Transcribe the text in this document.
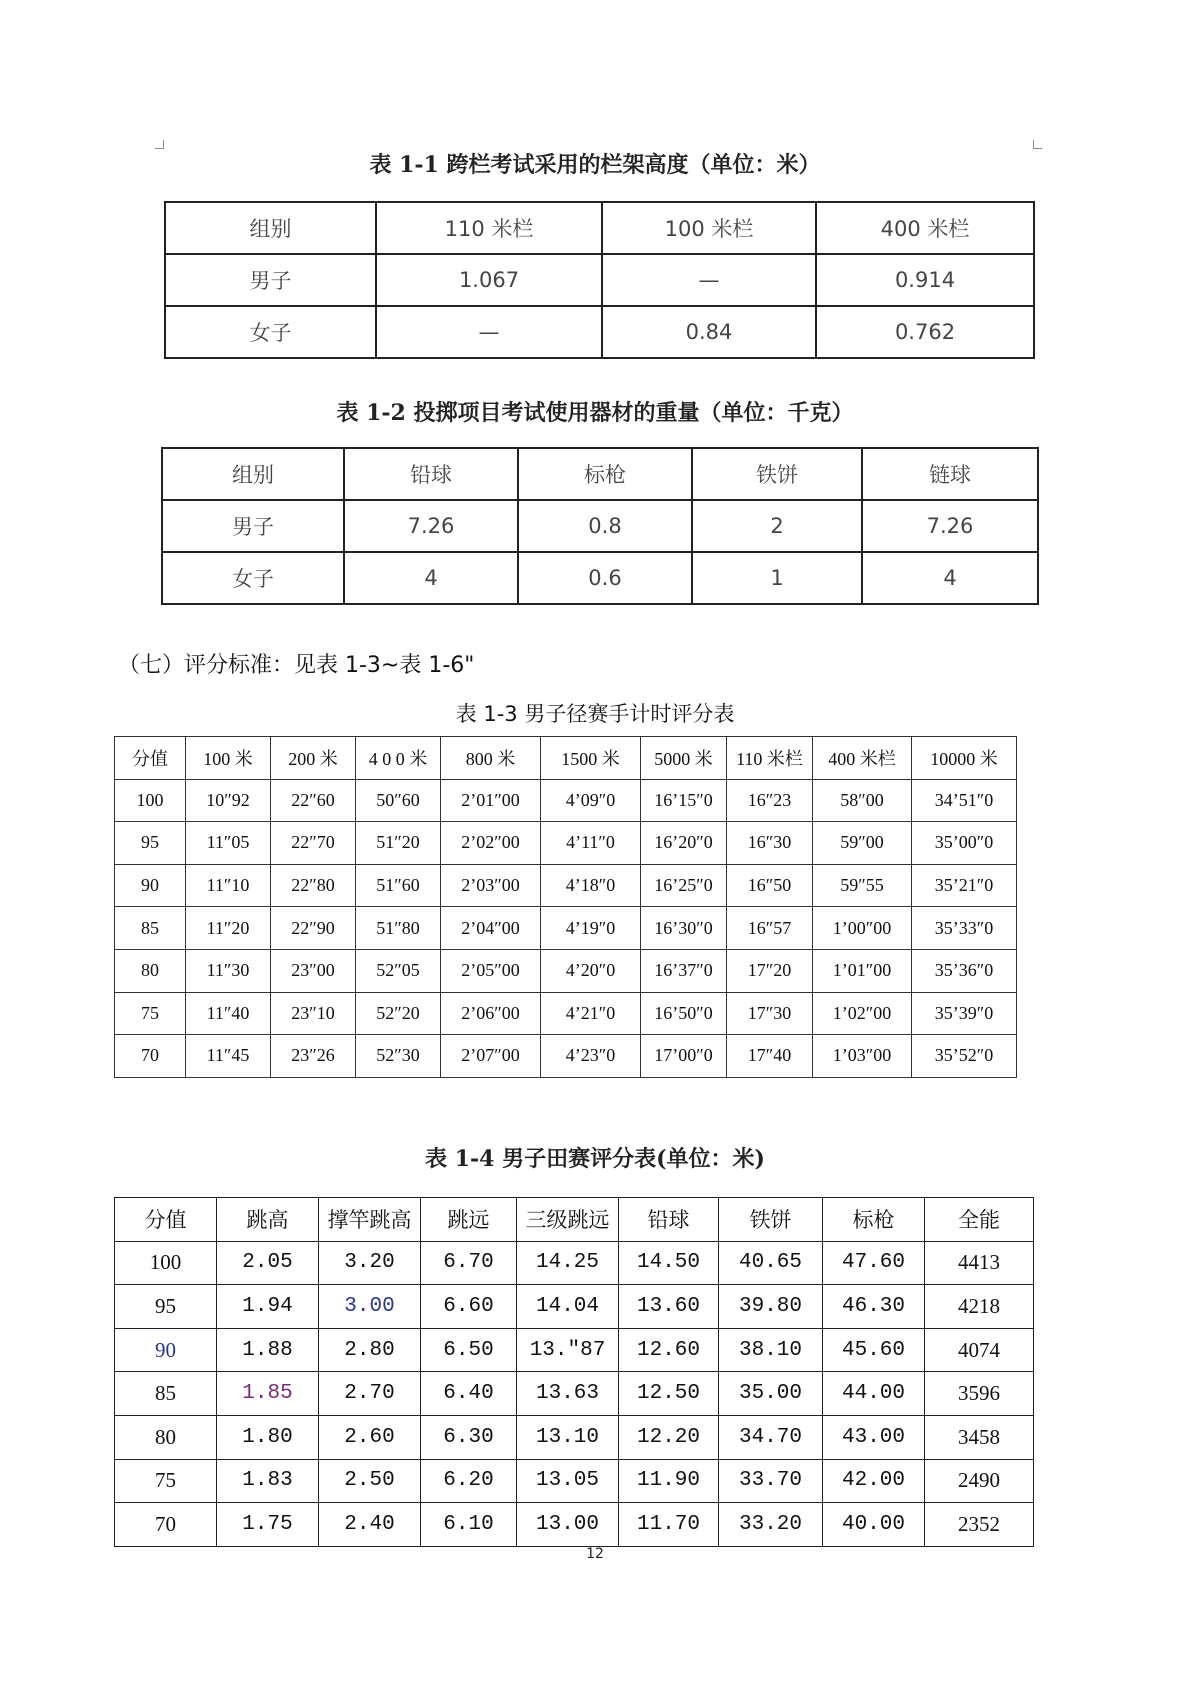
表 1-1 跨栏考试采用的栏架高度（单位：米）
组别	110 米栏	100 米栏	400 米栏
男子	1.067	—	0.914
女子	—	0.84	0.762
表 1-2 投掷项目考试使用器材的重量（单位：千克）
组别	铅球	标枪	铁饼	链球
男子	7.26	0.8	2	7.26
女子	4	0.6	1	4
（七）评分标准：见表 1-3~表 1-6"
表 1-3 男子径赛手计时评分表
分值	100 米	200 米	4 0 0 米	800 米	1500 米	5000 米	110 米栏	400 米栏	10000 米
100	10″92	22″60	50″60	2’01″00	4’09″0	16’15″0	16″23	58″00	34’51″0
95	11″05	22″70	51″20	2’02″00	4’11″0	16’20″0	16″30	59″00	35’00″0
90	11″10	22″80	51″60	2’03″00	4’18″0	16’25″0	16″50	59″55	35’21″0
85	11″20	22″90	51″80	2’04″00	4’19″0	16’30″0	16″57	1’00″00	35’33″0
80	11″30	23″00	52″05	2’05″00	4’20″0	16’37″0	17″20	1’01″00	35’36″0
75	11″40	23″10	52″20	2’06″00	4’21″0	16’50″0	17″30	1’02″00	35’39″0
70	11″45	23″26	52″30	2’07″00	4’23″0	17’00″0	17″40	1’03″00	35’52″0
表 1-4 男子田赛评分表(单位：米)
分值	跳高	撑竿跳高	跳远	三级跳远	铅球	铁饼	标枪	全能
100	2.05	3.20	6.70	14.25	14.50	40.65	47.60	4413
95	1.94	3.00	6.60	14.04	13.60	39.80	46.30	4218
90	1.88	2.80	6.50	13.″87	12.60	38.10	45.60	4074
85	1.85	2.70	6.40	13.63	12.50	35.00	44.00	3596
80	1.80	2.60	6.30	13.10	12.20	34.70	43.00	3458
75	1.83	2.50	6.20	13.05	11.90	33.70	42.00	2490
70	1.75	2.40	6.10	13.00	11.70	33.20	40.00	2352
12
